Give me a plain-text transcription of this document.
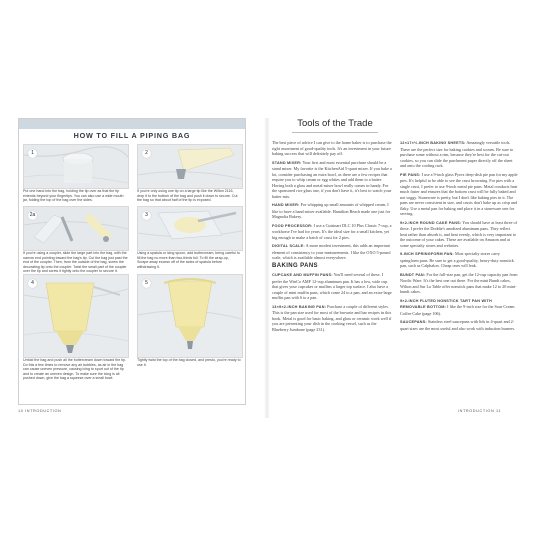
HOW TO FILL A PIPING BAG
1	2
Put one hand into the bag, holding the tip over as that the tip extends beyond your fingertips. You can also use a wide mouth jar, folding the top of the bag over the sides.
If you're only using one tip on a large tip like the Wilton 2116, drop it to the bottom of the bag and push it down to secure. Cut the bag so that about half of the tip is exposed.
2a	3
If you're using a coupler, slide the large part into the bag, with the narrow end pointing toward the bag's tip. Cut the bag just past the end of the coupler. Then, from the outside of the bag, screw the decorating tip onto the coupler. Twist the small part of the coupler over the tip and screw it tightly onto the coupler to secure it.
Using a spatula or icing spoon, add buttercream, being careful to fill the bag no more than two-thirds full. To fill the wrap-up, Scrape away excess off of the sides of spatula before withdrawing it.
4	5
Unfold the bag and push all the buttercream down toward the tip. Do this a few times to remove any air bubbles, as air in the bag can cause uneven pressure, causing icing to spurt out of the tip and to create an uneven design. To make sure the icing is all pushed down, give the bag a squeeze over a small bowl.
Tightly twist the top of the bag closed, and presto, you're ready to use it.
10 INTRODUCTION
Tools of the Trade

The best piece of advice I can give to the home baker is to purchase the right assortment of good-quality tools. It's an investment in your future baking success that will definitely pay off.

STAND MIXER: Your first and most essential purchase should be a stand mixer. My favorite is the KitchenAid 5-quart mixer. If you bake a lot, consider purchasing an extra bowl, as there are a few recipes that require you to whip cream or egg whites and add them to a batter. Having both a glass and metal mixer bowl really comes in handy. For the sponsored rice glass one, if you don't have it, it's best to watch your batter mix.

HAND MIXER: For whipping up small amounts of whipped cream, I like to have a hand mixer available. Hamilton Beach made one just for Magnolia Bakery.

FOOD PROCESSOR: I use a Cuisinart DLC 10 Plus Classic 7-cup, a workhorse I've had for years. It's the ideal size for a small kitchen, yet big enough to make a batch of crust for 2 pies.

DIGITAL SCALE: A more modest investment, this adds an important element of consistency to your measurements. I like the OXO 5-pound scale, which is available almost everywhere.

BAKING PANS

CUPCAKE AND MUFFIN PANS: You'll need several of these. I prefer the WinCo AMF 12-cup aluminum pan. It has a low, wide cup that gives your cupcakes or muffins a larger top surface. I also have a couple of mini muffin pans, which come 24 to a pan, and an extra-large muffin pan with 6 to a pan.

13×9×2-INCH BAKING PAN: Purchase a couple of different styles. This is the pan size used for most of the brownie and bar recipes in this book. Metal is good for basic baking, and glass or ceramic work well if you are presenting your dish in the cooking vessel, such as the Blueberry Jumbone (page 231).

12×17×½-INCH BAKING SHEETS: Amazingly versatile tools. These are the perfect size for baking cookies and scones. Be sure to purchase some without a rim, because they're best for the cut-out cookies, so you can slide the parchment paper directly off the sheet and onto the cooling rack.

PIE PANS: I use a 9-inch glass Pyrex deep-dish pie pan for my apple pies. It's helpful to be able to see the crust browning. For pies with a single crust, I prefer to use 9-inch metal pie pans. Metal conducts heat much faster and ensures that the bottom crust will be fully baked and not soggy. Stoneware is pretty, but I don't like baking pies in it. The pans are never consistent in size, and crusts don't bake up as crisp and flaky. Use a metal pan for baking and place it in a stoneware one for serving.

9×2-INCH ROUND CAKE PANS: You should have at least three of these. I prefer the Doddie's anodized aluminum pans. They reflect heat rather than absorb it, and heat evenly, which is very important to the outcome of your cakes. These are available on Amazon and at some specialty stores and websites.

9-INCH SPRINGFORM PAN: Most specialty stores carry springform pans. Be sure to get a good-quality, heavy-duty nonstick pan, such as Calphalon. Cheap ones will leak.

BUNDT PAN: For the full-size pan, get the 12-cup capacity pan from Nordic Ware. It's the best one out there. For the mini Bundt cakes, Wilton and Sur La Table offer nonstick pans that make 12 to 20 mini-bundt cakes.

9×2-INCH FLUTED NONSTICK TART PAN WITH REMOVABLE BOTTOM: I like the 9-inch size for the Sour Cream Coffee Cake (page 106).

SAUCEPANS: Stainless steel saucepans with lids in 4-quart and 2-quart sizes are the most useful and also work with induction burners.

INTRODUCTION 11
